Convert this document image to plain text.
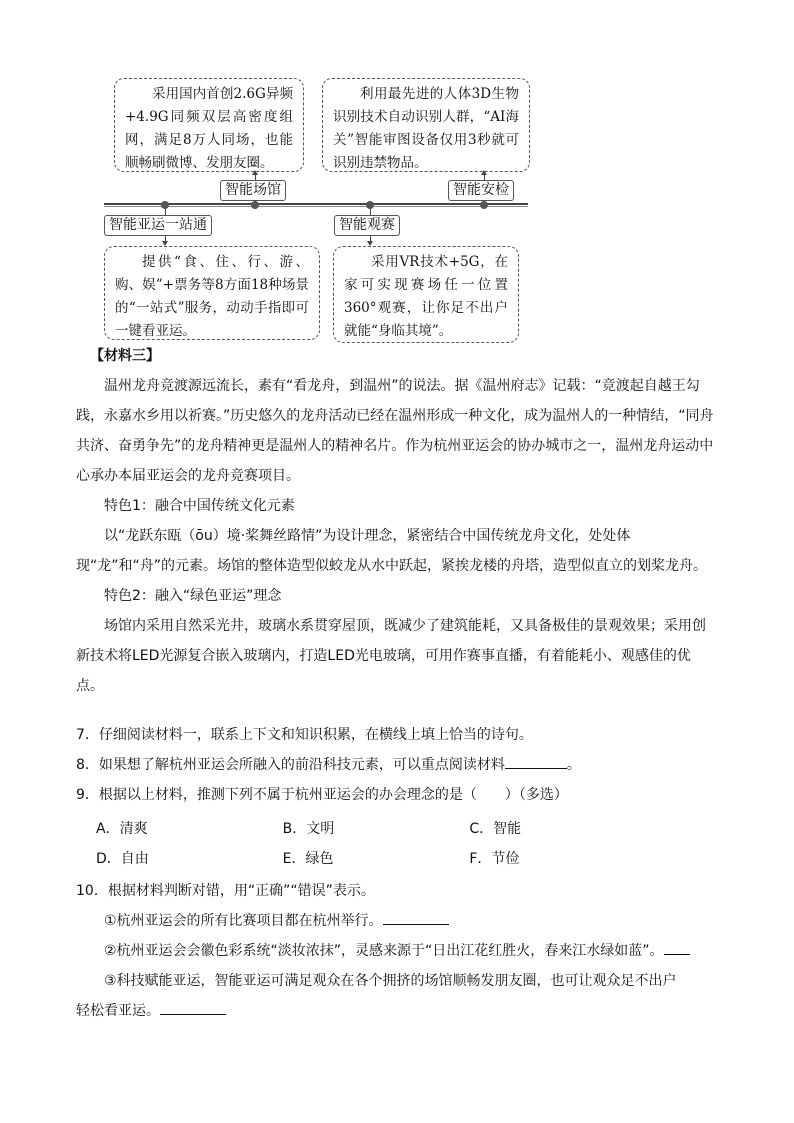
采用国内首创2.6G异频+4.9G同频双层高密度组网，满足8万人同场，也能顺畅刷微博、发朋友圈。
利用最先进的人体3D生物识别技术自动识别人群，“AI海关”智能审图设备仅用3秒就可识别违禁物品。
智能场馆	智能安检
智能亚运一站通	智能观赛
提供“食、住、行、游、购、娱”+票务等8方面18种场景的“一站式”服务，动动手指即可一键看亚运。
采用VR技术+5G，在家可实现赛场任一位置360°观赛，让你足不出户就能“身临其境”。

【材料三】

温州龙舟竞渡源远流长，素有“看龙舟，到温州”的说法。据《温州府志》记载：“竞渡起自越王勾践，永嘉水乡用以祈赛。”历史悠久的龙舟活动已经在温州形成一种文化，成为温州人的一种情结，“同舟共济、奋勇争先”的龙舟精神更是温州人的精神名片。作为杭州亚运会的协办城市之一，温州龙舟运动中心承办本届亚运会的龙舟竞赛项目。

特色1：融合中国传统文化元素

以“龙跃东瓯（ōu）境·桨舞丝路情”为设计理念，紧密结合中国传统龙舟文化，处处体现“龙”和“舟”的元素。场馆的整体造型似蛟龙从水中跃起，紧挨龙楼的舟塔，造型似直立的划桨龙舟。

特色2：融入“绿色亚运”理念

场馆内采用自然采光井，玻璃水系贯穿屋顶，既减少了建筑能耗，又具备极佳的景观效果；采用创新技术将LED光源复合嵌入玻璃内，打造LED光电玻璃，可用作赛事直播，有着能耗小、观感佳的优点。

7．仔细阅读材料一，联系上下文和知识积累，在横线上填上恰当的诗句。

8．如果想了解杭州亚运会所融入的前沿科技元素，可以重点阅读材料	。

9．根据以上材料，推测下列不属于杭州亚运会的办会理念的是（　　）（多选）

A．清爽	B．文明	C．智能
D．自由	E．绿色	F．节俭

10．根据材料判断对错，用“正确”“错误”表示。

①杭州亚运会的所有比赛项目都在杭州举行。

②杭州亚运会会徽色彩系统“淡妆浓抹”，灵感来源于“日出江花红胜火，春来江水绿如蓝”。

③科技赋能亚运，智能亚运可满足观众在各个拥挤的场馆顺畅发朋友圈，也可让观众足不出户

轻松看亚运。
